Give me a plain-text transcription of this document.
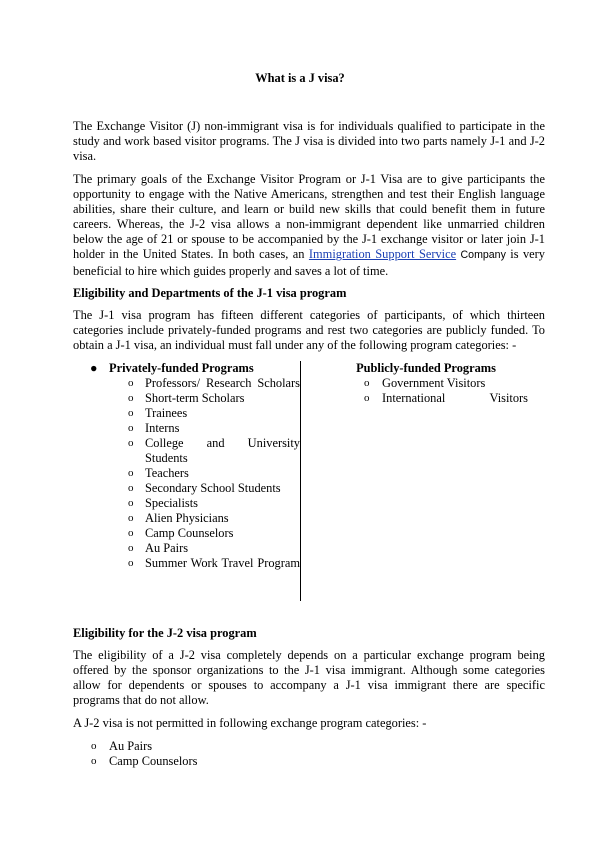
What is a J visa?

The Exchange Visitor (J) non-immigrant visa is for individuals qualified to participate in the study and work based visitor programs. The J visa is divided into two parts namely J-1 and J-2 visa.

The primary goals of the Exchange Visitor Program or J-1 Visa are to give participants the opportunity to engage with the Native Americans, strengthen and test their English language abilities, share their culture, and learn or build new skills that could benefit them in future careers. Whereas, the J-2 visa allows a non-immigrant dependent like unmarried children below the age of 21 or spouse to be accompanied by the J-1 exchange visitor or later join J-1 holder in the United States. In both cases, an Immigration Support Service Company is very beneficial to hire which guides properly and saves a lot of time.

Eligibility and Departments of the J-1 visa program

The J-1 visa program has fifteen different categories of participants, of which thirteen categories include privately-funded programs and rest two categories are publicly funded. To obtain a J-1 visa, an individual must fall under any of the following program categories: -

● Privately-funded Programs
o Professors/ Research Scholars
o Short-term Scholars
o Trainees
o Interns
o College and University Students
o Teachers
o Secondary School Students
o Specialists
o Alien Physicians
o Camp Counselors
o Au Pairs
o Summer Work Travel Program
Publicly-funded Programs
o Government Visitors
o International Visitors

Eligibility for the J-2 visa program

The eligibility of a J-2 visa completely depends on a particular exchange program being offered by the sponsor organizations to the J-1 visa immigrant. Although some categories allow for dependents or spouses to accompany a J-1 visa immigrant there are specific programs that do not allow.

A J-2 visa is not permitted in following exchange program categories: -

o Au Pairs
o Camp Counselors
